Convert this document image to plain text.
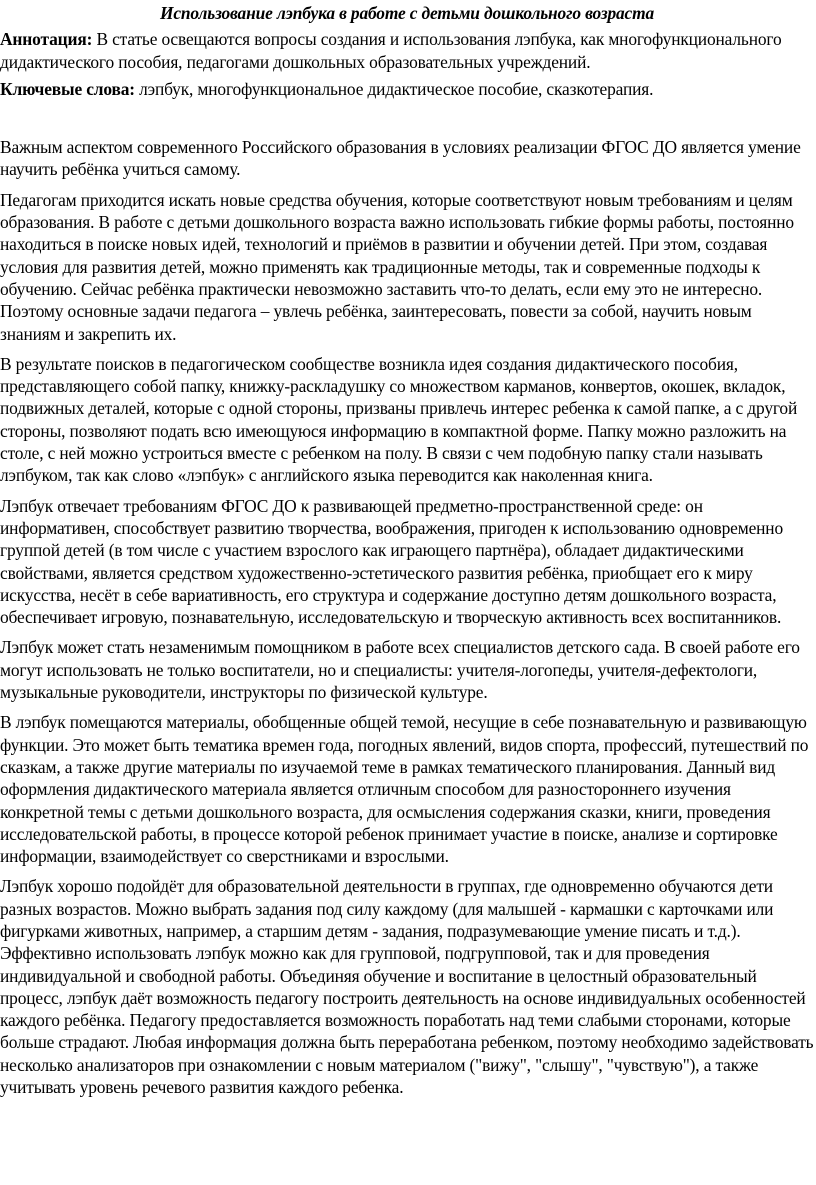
Использование лэпбука в работе с детьми дошкольного возраста

Аннотация: В статье освещаются вопросы создания и использования лэпбука, как многофункционального дидактического пособия, педагогами дошкольных образовательных учреждений.

Ключевые слова: лэпбук, многофункциональное дидактическое пособие, сказкотерапия.

Важным аспектом современного Российского образования в условиях реализации ФГОС ДО является умение научить ребёнка учиться самому.

Педагогам приходится искать новые средства обучения, которые соответствуют новым требованиям и целям образования. В работе с детьми дошкольного возраста важно использовать гибкие формы работы, постоянно находиться в поиске новых идей, технологий и приёмов в развитии и обучении детей. При этом, создавая условия для развития детей, можно применять как традиционные методы, так и современные подходы к обучению. Сейчас ребёнка практически невозможно заставить что-то делать, если ему это не интересно. Поэтому основные задачи педагога – увлечь ребёнка, заинтересовать, повести за собой, научить новым знаниям и закрепить их.

В результате поисков в педагогическом сообществе возникла идея создания дидактического пособия, представляющего собой папку, книжку-раскладушку со множеством карманов, конвертов, окошек, вкладок, подвижных деталей, которые с одной стороны, призваны привлечь интерес ребенка к самой папке, а с другой стороны, позволяют подать всю имеющуюся информацию в компактной форме. Папку можно разложить на столе, с ней можно устроиться вместе с ребенком на полу. В связи с чем подобную папку стали называть лэпбуком, так как слово «лэпбук» с английского языка переводится как наколенная книга.

Лэпбук отвечает требованиям ФГОС ДО к развивающей предметно-пространственной среде: он информативен, способствует развитию творчества, воображения, пригоден к использованию одновременно группой детей (в том числе с участием взрослого как играющего партнёра), обладает дидактическими свойствами, является средством художественно-эстетического развития ребёнка, приобщает его к миру искусства, несёт в себе вариативность, его структура и содержание доступно детям дошкольного возраста, обеспечивает игровую, познавательную, исследовательскую и творческую активность всех воспитанников.

Лэпбук может стать незаменимым помощником в работе всех специалистов детского сада. В своей работе его могут использовать не только воспитатели, но и специалисты: учителя-логопеды, учителя-дефектологи, музыкальные руководители, инструкторы по физической культуре.

В лэпбук помещаются материалы, обобщенные общей темой, несущие в себе познавательную и развивающую функции. Это может быть тематика времен года, погодных явлений, видов спорта, профессий, путешествий по сказкам, а также другие материалы по изучаемой теме в рамках тематического планирования. Данный вид оформления дидактического материала является отличным способом для разностороннего изучения конкретной темы с детьми дошкольного возраста, для осмысления содержания сказки, книги, проведения исследовательской работы, в процессе которой ребенок принимает участие в поиске, анализе и сортировке информации, взаимодействует со сверстниками и взрослыми.

Лэпбук хорошо подойдёт для образовательной деятельности в группах, где одновременно обучаются дети разных возрастов. Можно выбрать задания под силу каждому (для малышей - кармашки с карточками или фигурками животных, например, а старшим детям - задания, подразумевающие умение писать и т.д.). Эффективно использовать лэпбук можно как для групповой, подгрупповой, так и для проведения индивидуальной и свободной работы. Объединяя обучение и воспитание в целостный образовательный процесс, лэпбук даёт возможность педагогу построить деятельность на основе индивидуальных особенностей каждого ребёнка. Педагогу предоставляется возможность поработать над теми слабыми сторонами, которые больше страдают. Любая информация должна быть переработана ребенком, поэтому необходимо задействовать несколько анализаторов при ознакомлении с новым материалом ("вижу", "слышу", "чувствую"), а также учитывать уровень речевого развития каждого ребенка.
